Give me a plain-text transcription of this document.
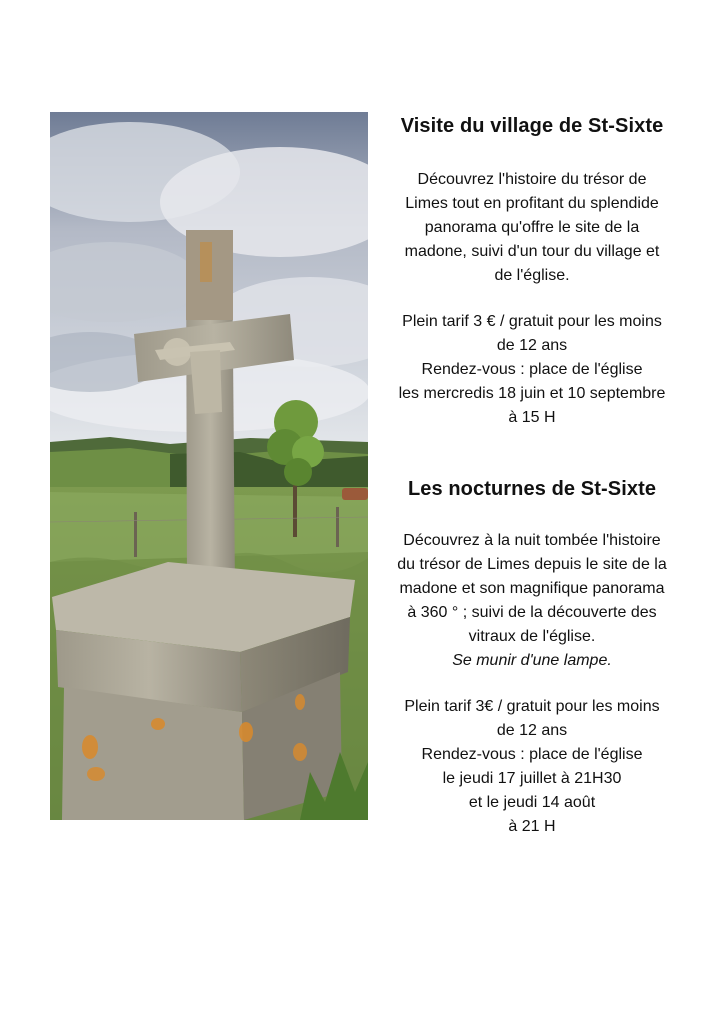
Visite du village de St-Sixte

Découvrez l'histoire du trésor de
Limes tout en profitant du splendide
panorama qu'offre le site de la
madone, suivi d'un tour du village et
de l'église.

Plein tarif 3 € / gratuit pour les moins
de 12 ans
Rendez-vous : place de l'église
les mercredis 18 juin et 10 septembre
à 15 H

Les nocturnes de St-Sixte

Découvrez à la nuit tombée l'histoire
du trésor de Limes depuis le site de la
madone et son magnifique panorama
à 360 ° ; suivi de la découverte des
vitraux de l'église.
Se munir d'une lampe.

Plein tarif 3€ / gratuit pour les moins
de 12 ans
Rendez-vous : place de l'église
le jeudi 17 juillet à 21H30
et le jeudi 14 août
à 21 H
